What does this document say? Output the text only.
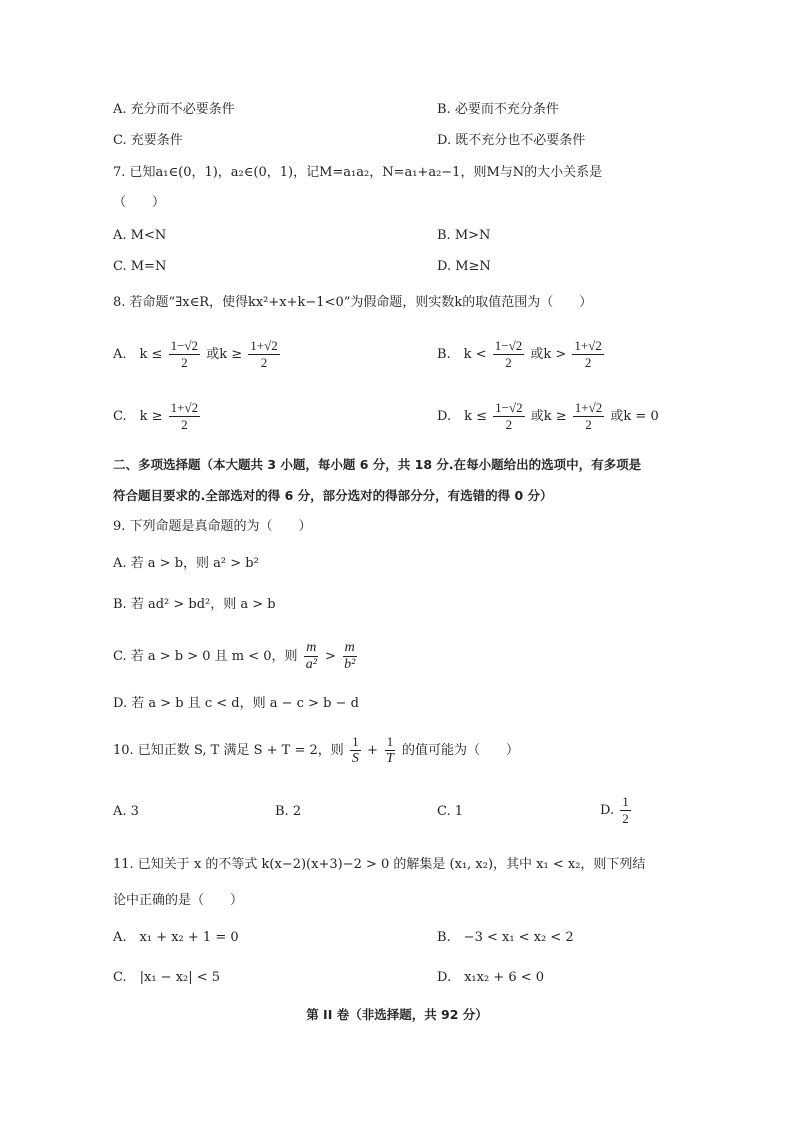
A. 充分而不必要条件	B. 必要而不充分条件
C. 充要条件	D. 既不充分也不必要条件
7. 已知a₁∈(0，1)，a₂∈(0，1)，记M=a₁a₂，N=a₁+a₂−1，则M与N的大小关系是
（　　）
A. M<N	B. M>N
C. M=N	D. M≥N
8. 若命题“∃x∈R，使得kx²+x+k−1<0”为假命题，则实数k的取值范围为（　　）
A.　$k \le \frac{1-√2}{2}$ 或$k \ge \frac{1+√2}{2}$	B.　$k < \frac{1-√2}{2}$ 或$k > \frac{1+√2}{2}$
C.　$k \ge \frac{1+√2}{2}$	D.　$k \le \frac{1-√2}{2}$ 或$k \ge \frac{1+√2}{2}$ 或k = 0
二、多项选择题（本大题共 3 小题，每小题 6 分，共 18 分.在每小题给出的选项中，有多项是
符合题目要求的.全部选对的得 6 分，部分选对的得部分分，有选错的得 0 分）
9. 下列命题是真命题的为（　　）
A. 若 a > b，则 a² > b²
B. 若 ad² > bd²，则 a > b
C. 若 a > b > 0 且 m < 0，则 $\frac{m}{\text{a²}} > \frac{m}{\text{b²}}$
D. 若 a > b 且 c < d，则 a − c > b − d
10. 已知正数 S, T 满足 S + T = 2，则 $\frac{1}{S} + \frac{1}{T}$ 的值可能为（　　）
A. 3	B. 2	C. 1	D. $\frac{1}{2}$
11. 已知关于 x 的不等式 k(x−2)(x+3)−2 > 0 的解集是 (x₁, x₂)，其中 x₁ < x₂，则下列结
论中正确的是（　　）
A.　x₁ + x₂ + 1 = 0	B.　−3 < x₁ < x₂ < 2
C.　|x₁ − x₂| < 5	D.　x₁x₂ + 6 < 0
第 II 卷（非选择题，共 92 分）
